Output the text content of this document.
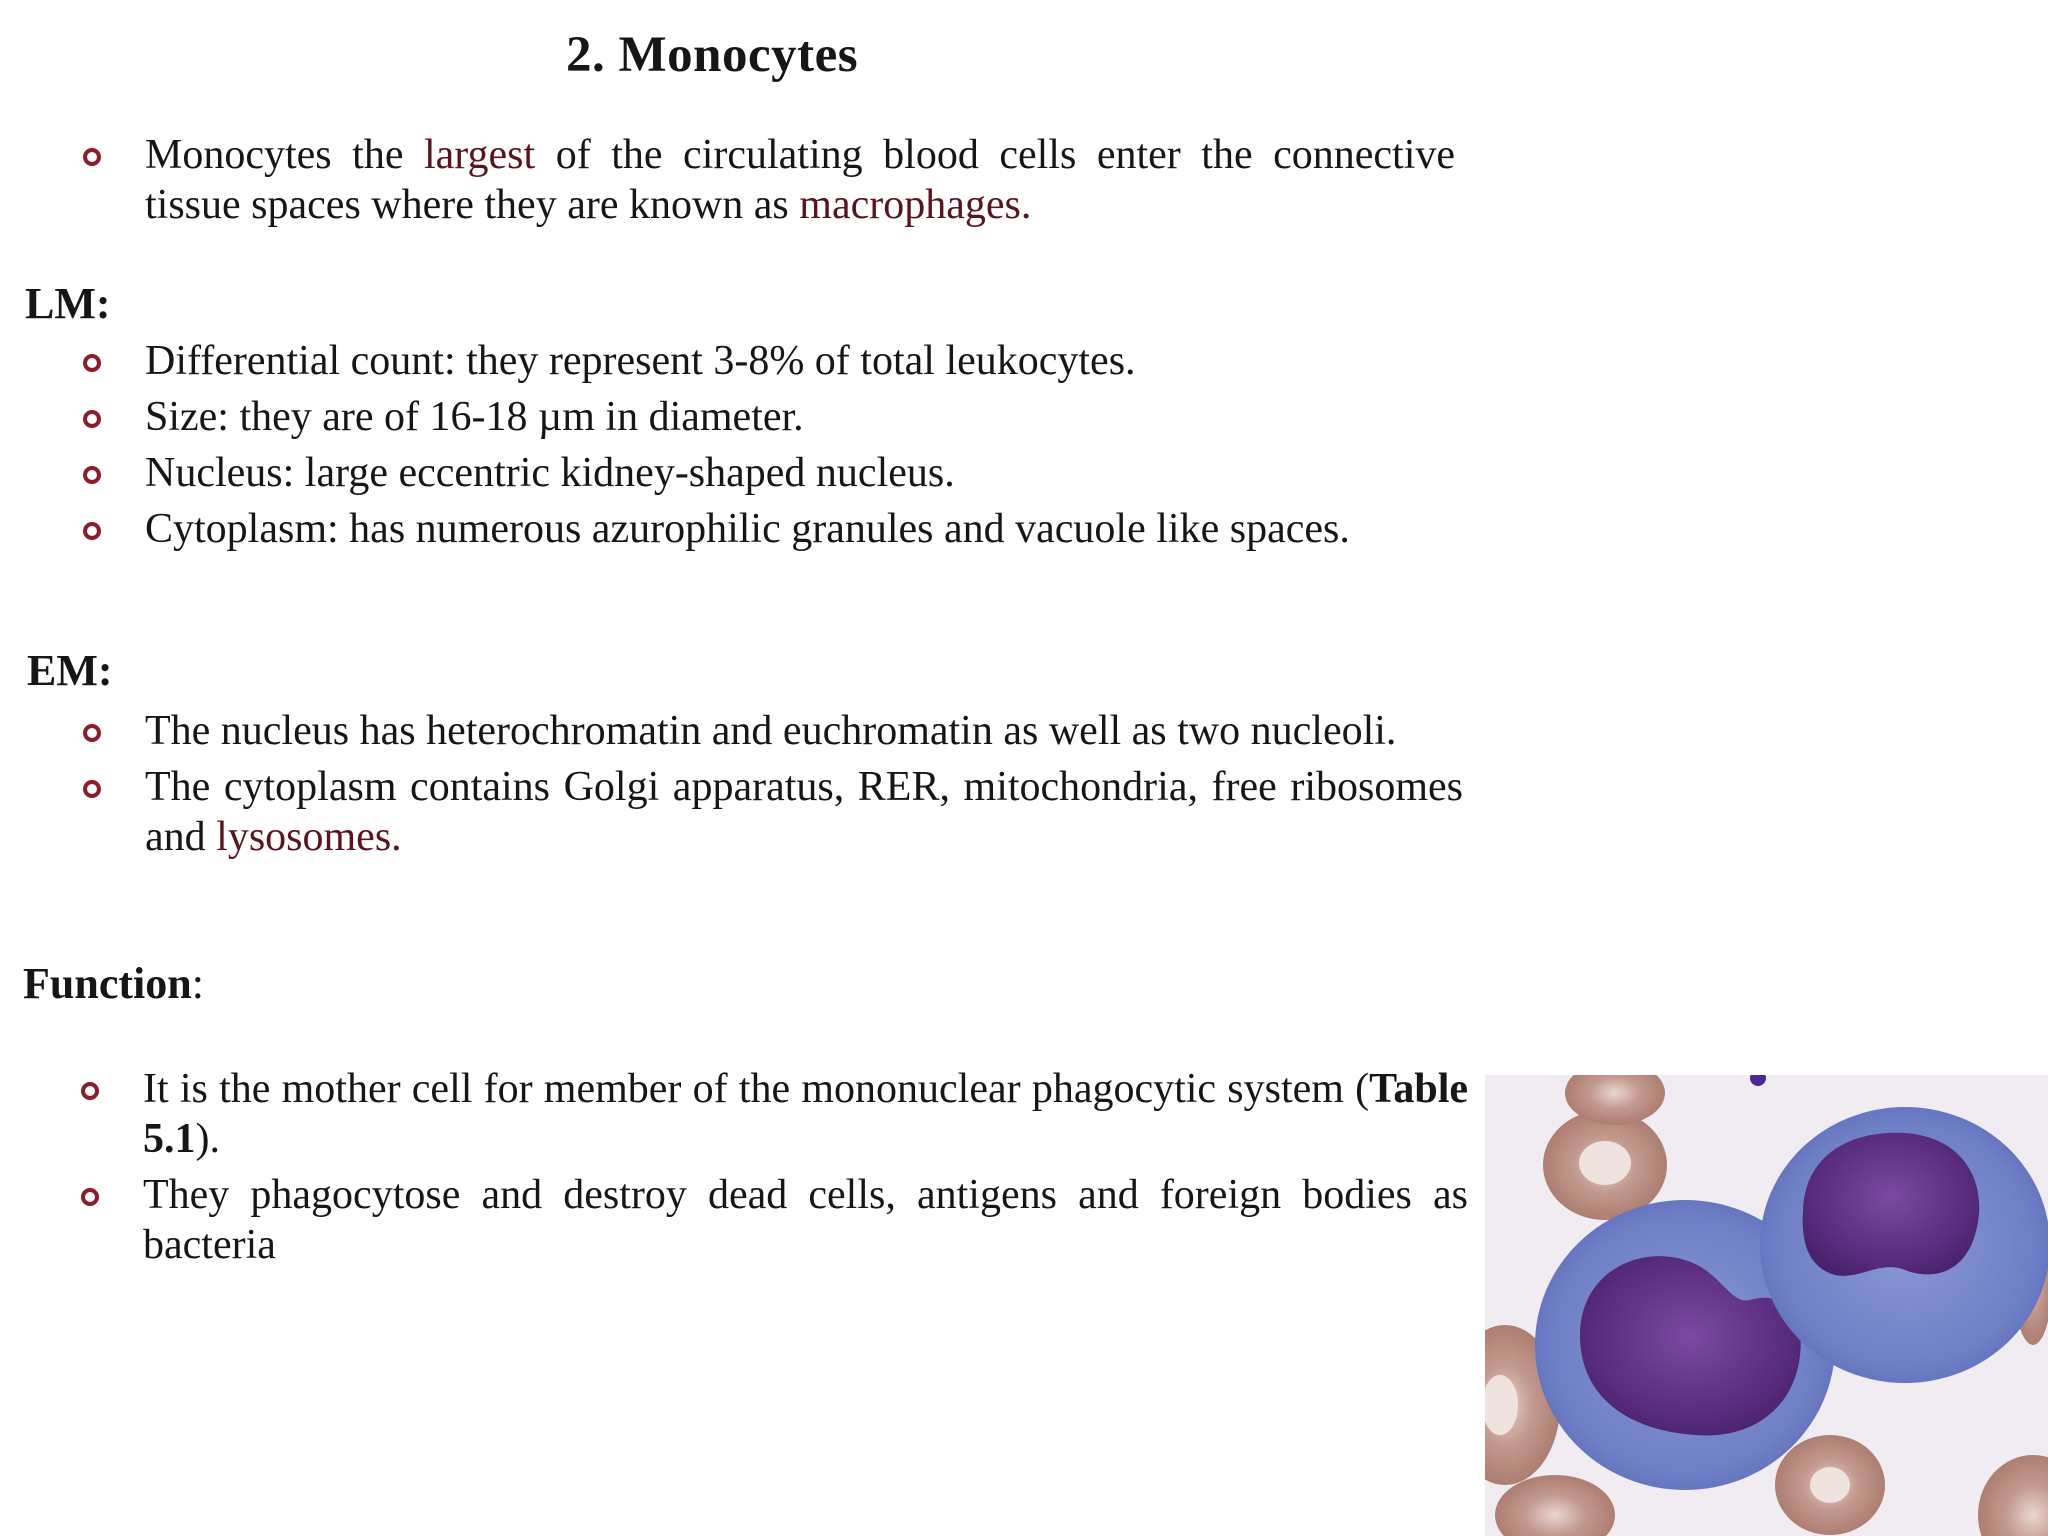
2. Monocytes
Monocytes the largest of the circulating blood cells enter the connective tissue spaces where they are known as macrophages.
LM:
Differential count: they represent 3-8% of total leukocytes.
Size: they are of 16-18 µm in diameter.
Nucleus: large eccentric kidney-shaped nucleus.
Cytoplasm: has numerous azurophilic granules and vacuole like spaces.
EM:
The nucleus has heterochromatin and euchromatin as well as two nucleoli.
The cytoplasm contains Golgi apparatus, RER, mitochondria, free ribosomes and lysosomes.
Function:
It is the mother cell for member of the mononuclear phagocytic system (Table 5.1).
They phagocytose and destroy dead cells, antigens and foreign bodies as bacteria
